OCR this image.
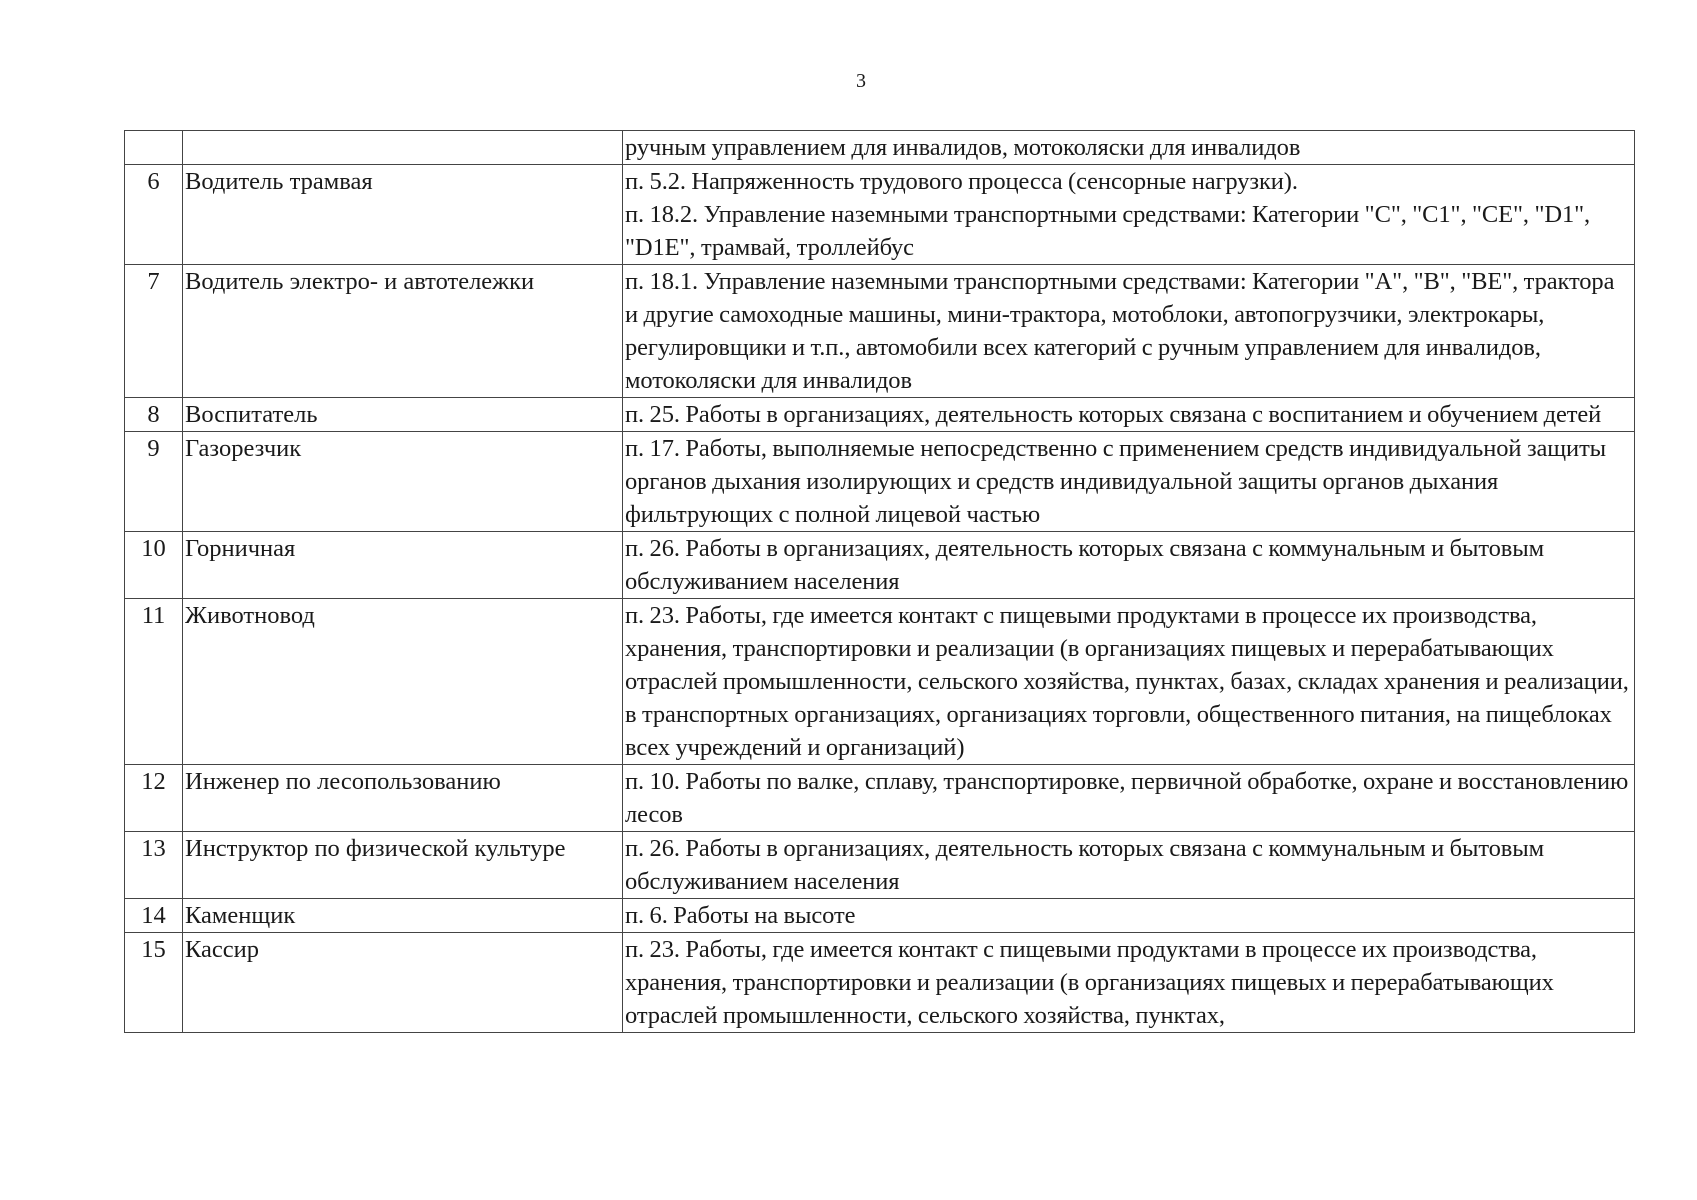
3
		ручным управлением для инвалидов, мотоколяски для инвалидов
6	Водитель трамвая	п. 5.2. Напряженность трудового процесса (сенсорные нагрузки).
п. 18.2. Управление наземными транспортными средствами: Категории "C", "C1", "CE", "D1", "D1E", трамвай, троллейбус
7	Водитель электро- и автотележки	п. 18.1. Управление наземными транспортными средствами: Категории "A", "B", "BE", трактора и другие самоходные машины, мини-трактора, мотоблоки, автопогрузчики, электрокары, регулировщики и т.п., автомобили всех категорий с ручным управлением для инвалидов, мотоколяски для инвалидов
8	Воспитатель	п. 25. Работы в организациях, деятельность которых связана с воспитанием и обучением детей
9	Газорезчик	п. 17. Работы, выполняемые непосредственно с применением средств индивидуальной защиты органов дыхания изолирующих и средств индивидуальной защиты органов дыхания фильтрующих с полной лицевой частью
10	Горничная	п. 26. Работы в организациях, деятельность которых связана с коммунальным и бытовым обслуживанием населения
11	Животновод	п. 23. Работы, где имеется контакт с пищевыми продуктами в процессе их производства, хранения, транспортировки и реализации (в организациях пищевых и перерабатывающих отраслей промышленности, сельского хозяйства, пунктах, базах, складах хранения и реализации, в транспортных организациях, организациях торговли, общественного питания, на пищеблоках всех учреждений и организаций)
12	Инженер по лесопользованию	п. 10. Работы по валке, сплаву, транспортировке, первичной обработке, охране и восстановлению лесов
13	Инструктор по физической культуре	п. 26. Работы в организациях, деятельность которых связана с коммунальным и бытовым обслуживанием населения
14	Каменщик	п. 6. Работы на высоте
15	Кассир	п. 23. Работы, где имеется контакт с пищевыми продуктами в процессе их производства, хранения, транспортировки и реализации (в организациях пищевых и перерабатывающих отраслей промышленности, сельского хозяйства, пунктах,
